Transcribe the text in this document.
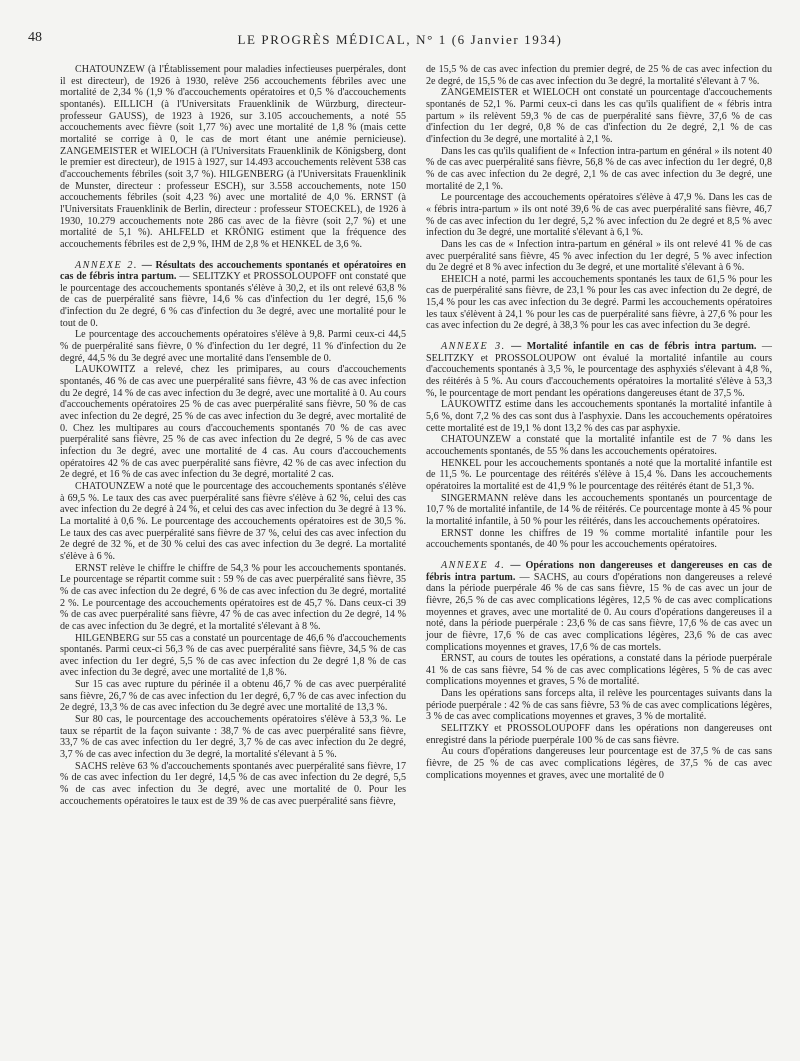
48	LE PROGRÈS MÉDICAL, N° 1 (6 Janvier 1934)

CHATOUNZEW (à l'Établissement pour maladies infectieuses puerpérales, dont il est directeur), de 1926 à 1930, relève 256 accouchements fébriles avec une mortalité de 2,34 % (1,9 % d'accouchements opératoires et 0,5 % d'accouchements spontanés). EILLICH (à l'Universitats Frauenklinik de Würzburg, directeur-professeur GAUSS), de 1923 à 1926, sur 3.105 accouchements, a noté 55 accouchements avec fièvre (soit 1,77 %) avec une mortalité de 1,8 % (mais cette mortalité se corrige à 0, le cas de mort étant une anémie pernicieuse). ZANGEMEISTER et WIELOCH (à l'Universitats Frauenklinik de Königsberg, dont le premier est directeur), de 1915 à 1927, sur 14.493 accouchements relèvent 538 cas d'accouchements fébriles (soit 3,7 %). HILGENBERG (à l'Universitats Frauenklinik de Munster, directeur : professeur ESCH), sur 3.558 accouchements, note 150 accouchements fébriles (soit 4,23 %) avec une mortalité de 4,0 %. ERNST (à l'Universitats Frauenklinik de Berlin, directeur : professeur STOECKEL), de 1926 à 1930, 10.279 accouchements note 286 cas avec de la fièvre (soit 2,7 %) et une mortalité de 5,1 %). AHLFELD et KRÖNIG estiment que la fréquence des accouchements fébriles est de 2,9 %, IHM de 2,8 % et HENKEL de 3,6 %.

ANNEXE 2. — Résultats des accouchements spontanés et opératoires en cas de fébris intra partum. — SELITZKY et PROSSOLOUPOFF ont constaté que le pourcentage des accouchements spontanés s'élève à 30,2, et ils ont relevé 63,8 % de cas de puerpéralité sans fièvre, 14,6 % cas d'infection du 1er degré, 15,6 % d'infection du 2e degré, 6 % cas d'infection du 3e degré, avec une mortalité pour le tout de 0.

Le pourcentage des accouchements opératoires s'élève à 9,8. Parmi ceux-ci 44,5 % de puerpéralité sans fièvre, 0 % d'infection du 1er degré, 11 % d'infection du 2e degré, 44,5 % du 3e degré avec une mortalité dans l'ensemble de 0.

LAUKOWITZ a relevé, chez les primipares, au cours d'accouchements spontanés, 46 % de cas avec une puerpéralité sans fièvre, 43 % de cas avec infection du 2e degré, 14 % de cas avec infection du 3e degré, avec une mortalité à 0. Au cours d'accouchements opératoires 25 % de cas avec puerpéralité sans fièvre, 50 % de cas avec infection du 2e degré, 25 % de cas avec infection du 3e degré, avec mortalité de 0. Chez les multipares au cours d'accouchements spontanés 70 % de cas avec puerpéralité sans fièvre, 25 % de cas avec infection du 2e degré, 5 % de cas avec infection du 3e degré, avec une mortalité de 4 cas. Au cours d'accouchements opératoires 42 % de cas avec puerpéralité sans fièvre, 42 % de cas avec infection du 2e degré, et 16 % de cas avec infection du 3e degré, mortalité 2 cas.

CHATOUNZEW a noté que le pourcentage des accouchements spontanés s'élève à 69,5 %. Le taux des cas avec puerpéralité sans fièvre s'élève à 62 %, celui des cas avec infection du 2e degré à 24 %, et celui des cas avec infection du 3e degré à 13 %. La mortalité à 0,6 %. Le pourcentage des accouchements opératoires est de 30,5 %. Le taux des cas avec puerpéralité sans fièvre de 37 %, celui des cas avec infection du 2e degré de 32 %, et de 30 % celui des cas avec infection du 3e degré. La mortalité s'élève à 6 %.

ERNST relève le chiffre le chiffre de 54,3 % pour les accouchements spontanés. Le pourcentage se répartit comme suit : 59 % de cas avec puerpéralité sans fièvre, 35 % de cas avec infection du 2e degré, 6 % de cas avec infection du 3e degré, mortalité 2 %. Le pourcentage des accouchements opératoires est de 45,7 %. Dans ceux-ci 39 % de cas avec puerpéralité sans fièvre, 47 % de cas avec infection du 2e degré, 14 % de cas avec infection du 3e degré, et la mortalité s'élevant à 8 %.

HILGENBERG sur 55 cas a constaté un pourcentage de 46,6 % d'accouchements spontanés. Parmi ceux-ci 56,3 % de cas avec puerpéralité sans fièvre, 34,5 % de cas avec infection du 1er degré, 5,5 % de cas avec infection du 2e degré 1,8 % de cas avec infection du 3e degré, avec une mortalité de 1,8 %.

Sur 15 cas avec rupture du périnée il a obtenu 46,7 % de cas avec puerpéralité sans fièvre, 26,7 % de cas avec infection du 1er degré, 6,7 % de cas avec infection du 2e degré, 13,3 % de cas avec infection du 3e degré avec une mortalité de 13,3 %.

Sur 80 cas, le pourcentage des accouchements opératoires s'élève à 53,3 %. Le taux se répartit de la façon suivante : 38,7 % de cas avec puerpéralité sans fièvre, 33,7 % de cas avec infection du 1er degré, 3,7 % de cas avec infection du 2e degré, 3,7 % de cas avec infection du 3e degré, la mortalité s'élevant à 5 %.

SACHS relève 63 % d'accouchements spontanés avec puerpéralité sans fièvre, 17 % de cas avec infection du 1er degré, 14,5 % de cas avec infection du 2e degré, 5,5 % de cas avec infection du 3e degré, avec une mortalité de 0. Pour les accouchements opératoires le taux est de 39 % de cas avec puerpéralité sans fièvre,

de 15,5 % de cas avec infection du premier degré, de 25 % de cas avec infection du 2e degré, de 15,5 % de cas avec infection du 3e degré, la mortalité s'élevant à 7 %.

ZANGEMEISTER et WIELOCH ont constaté un pourcentage d'accouchements spontanés de 52,1 %. Parmi ceux-ci dans les cas qu'ils qualifient de « fébris intra partum » ils relèvent 59,3 % de cas de puerpéralité sans fièvre, 37,6 % de cas d'infection du 1er degré, 0,8 % de cas d'infection du 2e degré, 2,1 % de cas d'infection du 3e degré, une mortalité à 2,1 %.

Dans les cas qu'ils qualifient de « Infection intra-partum en général » ils notent 40 % de cas avec puerpéralité sans fièvre, 56,8 % de cas avec infection du 1er degré, 0,8 % de cas avec infection du 2e degré, 2,1 % de cas avec infection du 3e degré, une mortalité de 2,1 %.

Le pourcentage des accouchements opératoires s'élève à 47,9 %. Dans les cas de « fébris intra-partum » ils ont noté 39,6 % de cas avec puerpéralité sans fièvre, 46,7 % de cas avec infection du 1er degré, 5,2 % avec infection du 2e degré et 8,5 % avec infection du 3e degré, une mortalité s'élevant à 6,1 %.

Dans les cas de « Infection intra-partum en général » ils ont relevé 41 % de cas avec puerpéralité sans fièvre, 45 % avec infection du 1er degré, 5 % avec infection du 2e degré et 8 % avec infection du 3e degré, et une mortalité s'élevant à 6 %.

EHEICH a noté, parmi les accouchements spontanés les taux de 61,5 % pour les cas de puerpéralité sans fièvre, de 23,1 % pour les cas avec infection du 2e degré, de 15,4 % pour les cas avec infection du 3e degré. Parmi les accouchements opératoires les taux s'élèvent à 24,1 % pour les cas de puerpéralité sans fièvre, à 27,6 % pour les cas avec infection du 2e degré, à 38,3 % pour les cas avec infection du 3e degré.

ANNEXE 3. — Mortalité infantile en cas de fébris intra partum. — SELITZKY et PROSSOLOUPOW ont évalué la mortalité infantile au cours d'accouchements spontanés à 3,5 %, le pourcentage des asphyxiés s'élevant à 4,8 %, des réitérés à 5 %. Au cours d'accouchements opératoires la mortalité s'élève à 53,3 %, le pourcentage de mort pendant les opérations dangereuses étant de 37,5 %.

LAUKOWITZ estime dans les accouchements spontanés la mortalité infantile à 5,6 %, dont 7,2 % des cas sont dus à l'asphyxie. Dans les accouchements opératoires cette mortalité est de 19,1 % dont 13,2 % des cas par asphyxie.

CHATOUNZEW a constaté que la mortalité infantile est de 7 % dans les accouchements spontanés, de 55 % dans les accouchements opératoires.

HENKEL pour les accouchements spontanés a noté que la mortalité infantile est de 11,5 %. Le pourcentage des réitérés s'élève à 15,4 %. Dans les accouchements opératoires la mortalité est de 41,9 % le pourcentage des réitérés étant de 51,3 %.

SINGERMANN relève dans les accouchements spontanés un pourcentage de 10,7 % de mortalité infantile, de 14 % de réitérés. Ce pourcentage monte à 45 % pour la mortalité infantile, à 50 % pour les réitérés, dans les accouchements opératoires.

ERNST donne les chiffres de 19 % comme mortalité infantile pour les accouchements spontanés, de 40 % pour les accouchements opératoires.

ANNEXE 4. — Opérations non dangereuses et dangereuses en cas de fébris intra partum. — SACHS, au cours d'opérations non dangereuses a relevé dans la période puerpérale 46 % de cas sans fièvre, 15 % de cas avec un jour de fièvre, 26,5 % de cas avec complications légères, 12,5 % de cas avec complications moyennes et graves, avec une mortalité de 0. Au cours d'opérations dangereuses il a noté, dans la période puerpérale : 23,6 % de cas sans fièvre, 17,6 % de cas avec un jour de fièvre, 17,6 % de cas avec complications légères, 23,6 % de cas avec complications moyennes et graves, 17,6 % de cas mortels.

ERNST, au cours de toutes les opérations, a constaté dans la période puerpérale 41 % de cas sans fièvre, 54 % de cas avec complications légères, 5 % de cas avec complications moyennes et graves, 5 % de mortalité.

Dans les opérations sans forceps alta, il relève les pourcentages suivants dans la période puerpérale : 42 % de cas sans fièvre, 53 % de cas avec complications légères, 3 % de cas avec complications moyennes et graves, 3 % de mortalité.

SELITZKY et PROSSOLOUPOFF dans les opérations non dangereuses ont enregistré dans la période puerpérale 100 % de cas sans fièvre.

Au cours d'opérations dangereuses leur pourcentage est de 37,5 % de cas sans fièvre, de 25 % de cas avec complications légères, de 37,5 % de cas avec complications moyennes et graves, avec une mortalité de 0
